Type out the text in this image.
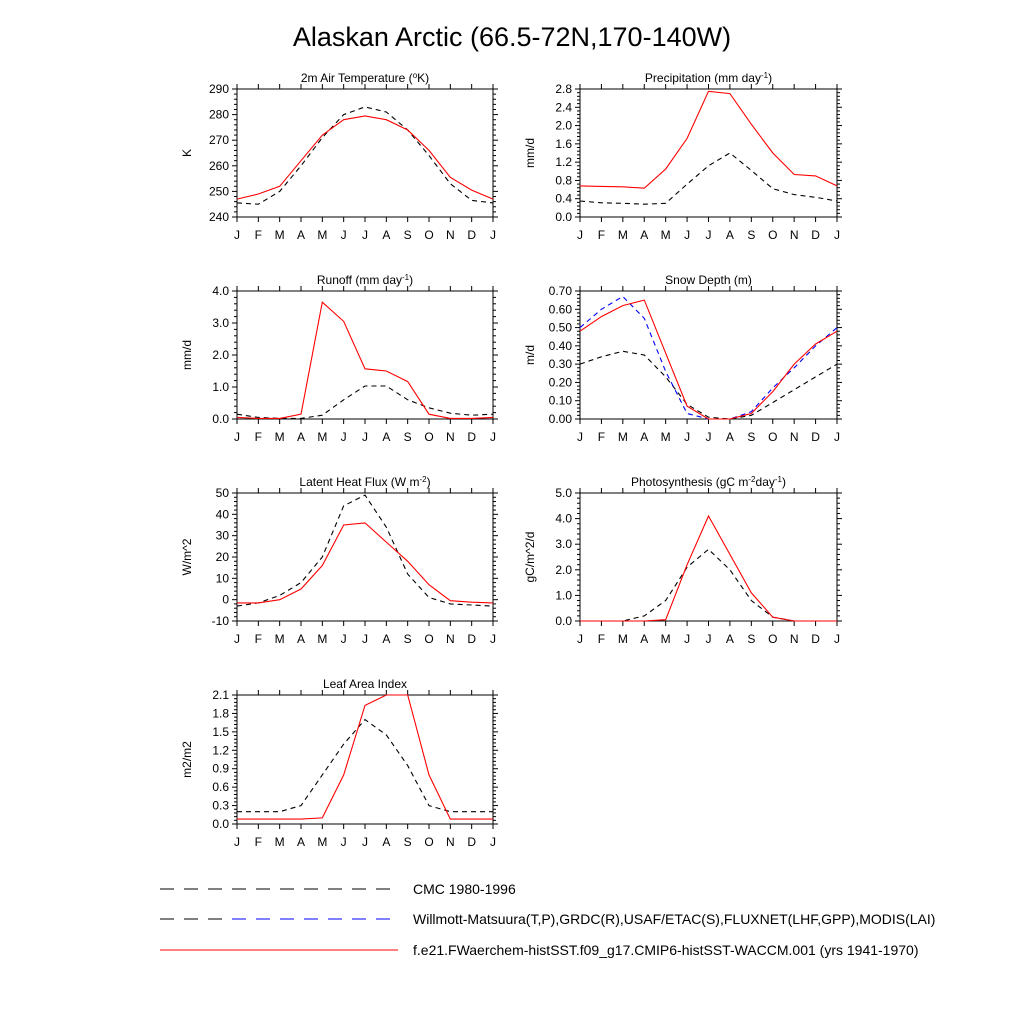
Alaskan Arctic (66.5-72N,170-140W)
2m Air Temperature ($^o$K)
K
240
250
260
270
280
290
J F M A M J J A S O N D J
Precipitation (mm day$^{-1}$)
mm/d
0.0
0.4
0.8
1.2
1.6
2.0
2.4
2.8
J F M A M J J A S O N D J
Runoff (mm day$^{-1}$)
mm/d
0.0
1.0
2.0
3.0
4.0
J F M A M J J A S O N D J
Snow Depth (m)
m/d
0.00
0.10
0.20
0.30
0.40
0.50
0.60
0.70
J F M A M J J A S O N D J
Latent Heat Flux (W $m^{-2}$)
W/m^2
-10
0
10
20
30
40
50
J F M A M J J A S O N D J
Photosynthesis (gC $m^{-2}day^{-1}$)
gC/m^2/d
0.0
1.0
2.0
3.0
4.0
5.0
J F M A M J J A S O N D J
Leaf Area Index
m2/m2
0.0
0.3
0.6
0.9
1.2
1.5
1.8
2.1
J F M A M J J A S O N D J
CMC 1980-1996
Willmott-Matsuura(T,P),GRDC(R),USAF/ETAC(S),FLUXNET(LHF,GPP),MODIS(LAI)
f.e21.FWaerchem-histSST.f09_g17.CMIP6-histSST-WACCM.001 (yrs 1941-1970)
